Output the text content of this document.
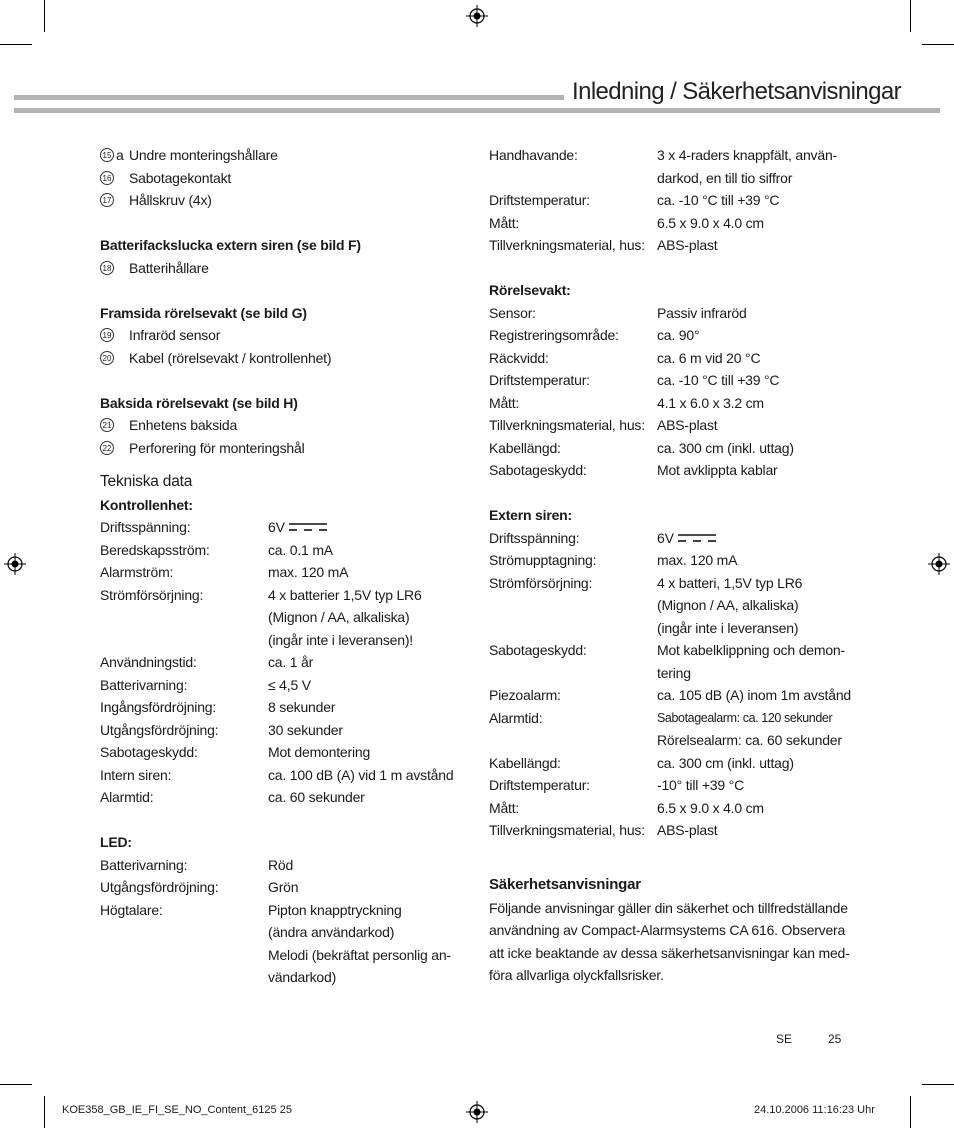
Inledning / Säkerhetsanvisningar
15 a Undre monteringshållare
16 Sabotagekontakt
17 Hållskruv (4x)
Batterifackslucka extern siren (se bild F)
18 Batterihållare
Framsida rörelsevakt (se bild G)
19 Infraröd sensor
20 Kabel (rörelsevakt / kontrollenhet)
Baksida rörelsevakt (se bild H)
21 Enhetens baksida
22 Perforering för monteringshål
Tekniska data
Kontrollenhet:
Driftsspänning:	6V
Beredskapsström:	ca. 0.1 mA
Alarmström:	max. 120 mA
Strömförsörjning:	4 x batterier 1,5V typ LR6
(Mignon / AA, alkaliska)
(ingår inte i leveransen)!
Användningstid:	ca. 1 år
Batterivarning:	≤ 4,5 V
Ingångsfördröjning:	8 sekunder
Utgångsfördröjning:	30 sekunder
Sabotageskydd:	Mot demontering
Intern siren:	ca. 100 dB (A) vid 1 m avstånd
Alarmtid:	ca. 60 sekunder
LED:
Batterivarning:	Röd
Utgångsfördröjning:	Grön
Högtalare:	Pipton knapptryckning
(ändra användarkod)
Melodi (bekräftat personlig an-
vändarkod)
Handhavande:	3 x 4-raders knappfält, använ-
darkod, en till tio siffror
Driftstemperatur:	ca. -10 °C till +39 °C
Mått:	6.5 x 9.0 x 4.0 cm
Tillverkningsmaterial, hus: ABS-plast
Rörelsevakt:
Sensor:	Passiv infraröd
Registreringsområde:	ca. 90°
Räckvidd:	ca. 6 m vid 20 °C
Driftstemperatur:	ca. -10 °C till +39 °C
Mått:	4.1 x 6.0 x 3.2 cm
Tillverkningsmaterial, hus: ABS-plast
Kabellängd:	ca. 300 cm (inkl. uttag)
Sabotageskydd:	Mot avklippta kablar
Extern siren:
Driftsspänning:	6V
Strömupptagning:	max. 120 mA
Strömförsörjning:	4 x batteri, 1,5V typ LR6
(Mignon / AA, alkaliska)
(ingår inte i leveransen)
Sabotageskydd:	Mot kabelklippning och demon-
tering
Piezoalarm:	ca. 105 dB (A) inom 1m avstånd
Alarmtid:	Sabotagealarm: ca. 120 sekunder
Rörelsealarm: ca. 60 sekunder
Kabellängd:	ca. 300 cm (inkl. uttag)
Driftstemperatur:	-10° till +39 °C
Mått:	6.5 x 9.0 x 4.0 cm
Tillverkningsmaterial, hus: ABS-plast
Säkerhetsanvisningar
Följande anvisningar gäller din säkerhet och tillfredställande
användning av Compact-Alarmsystems CA 616. Observera
att icke beaktande av dessa säkerhetsanvisningar kan med-
föra allvarliga olyckfallsrisker.
SE	25
KOE358_GB_IE_FI_SE_NO_Content_6125 25	24.10.2006 11:16:23 Uhr
